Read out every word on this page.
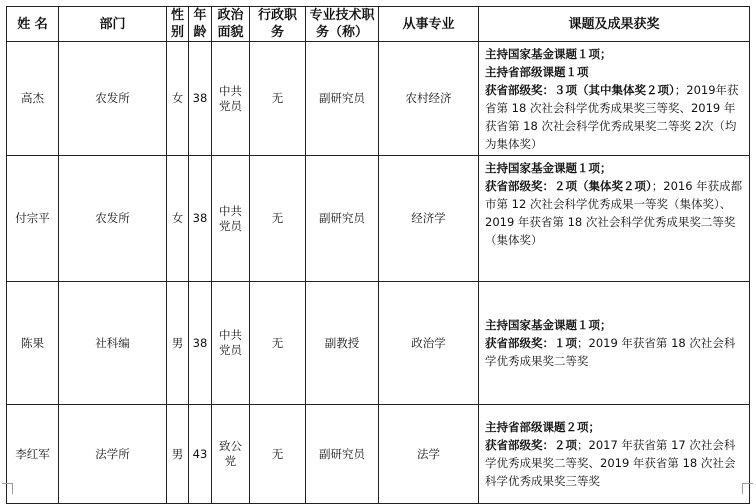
姓 名	部门	性别	年龄	政治面貌	行政职务	专业技术职务（称）	从事专业	课题及成果获奖
高杰	农发所	女	38	中共党员	无	副研究员	农村经济	主持国家基金课题１项；
主持省部级课题１项
获省部级奖：３项（其中集体奖２项）；2019年获省第 18 次社会科学优秀成果奖三等奖、2019 年获省第 18 次社会科学优秀成果奖二等奖 2次（均为集体奖）
付宗平	农发所	女	38	中共党员	无	副研究员	经济学	主持国家基金课题１项；
获省部级奖：２项（集体奖２项）；2016 年获成都市第 12 次社会科学优秀成果一等奖（集体奖）、2019 年获省第 18 次社会科学优秀成果奖二等奖 （集体奖）
陈果	社科编	男	38	中共党员	无	副教授	政治学	主持国家基金课题１项；
获省部级奖：１项；2019 年获省第 18 次社会科学优秀成果奖二等奖
李红军	法学所	男	43	致公党	无	副研究员	法学	主持省部级课题２项；
获省部级奖：２项；2017 年获省第 17 次社会科学优秀成果奖二等奖、2019 年获省第 18 次社会科学优秀成果奖三等奖
